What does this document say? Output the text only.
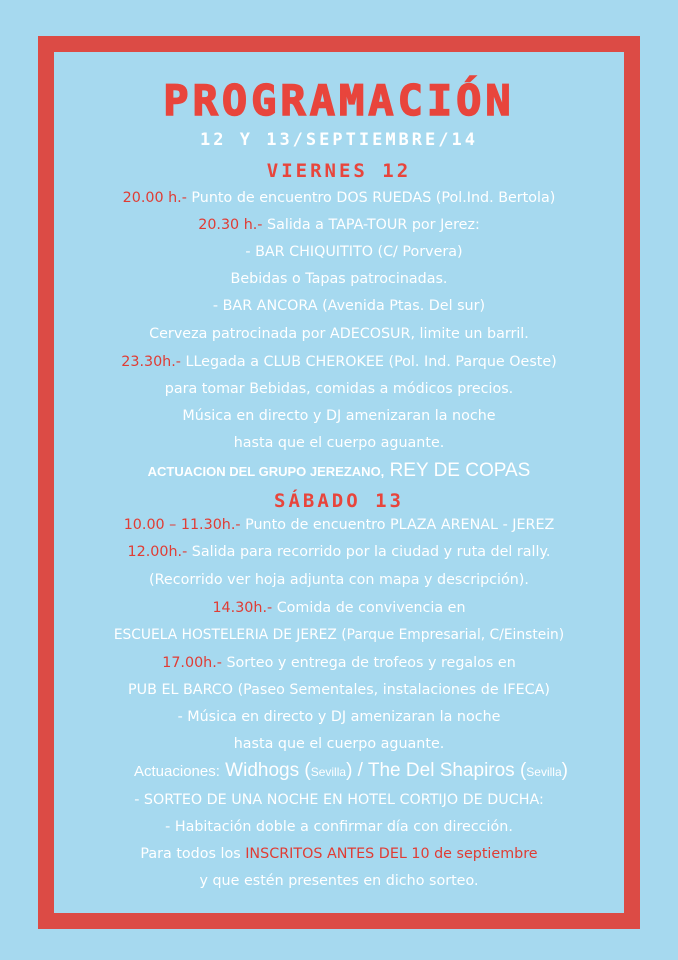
PROGRAMACIÓN
12 Y 13/SEPTIEMBRE/14
VIERNES 12
20.00 h.- Punto de encuentro DOS RUEDAS (Pol.Ind. Bertola)
20.30 h.- Salida a TAPA-TOUR por Jerez:
- BAR CHIQUITITO (C/ Porvera)
Bebidas o Tapas patrocinadas.
- BAR ANCORA (Avenida Ptas. Del sur)
Cerveza patrocinada por ADECOSUR, limite un barril.
23.30h.- LLegada a CLUB CHEROKEE (Pol. Ind. Parque Oeste)
para tomar Bebidas, comidas a módicos precios.
Música en directo y DJ amenizaran la noche
hasta que el cuerpo aguante.
ACTUACION DEL GRUPO JEREZANO, REY DE COPAS
SÁBADO 13
10.00 – 11.30h.- Punto de encuentro PLAZA ARENAL - JEREZ
12.00h.- Salida para recorrido por la ciudad y ruta del rally.
(Recorrido ver hoja adjunta con mapa y descripción).
14.30h.- Comida de convivencia en
ESCUELA HOSTELERIA DE JEREZ (Parque Empresarial, C/Einstein)
17.00h.- Sorteo y entrega de trofeos y regalos en
PUB EL BARCO (Paseo Sementales, instalaciones de IFECA)
- Música en directo y DJ amenizaran la noche
hasta que el cuerpo aguante.
Actuaciones: Widhogs (Sevilla) / The Del Shapiros (Sevilla)
- SORTEO DE UNA NOCHE EN HOTEL CORTIJO DE DUCHA:
- Habitación doble a confirmar día con dirección.
Para todos los INSCRITOS ANTES DEL 10 de septiembre
y que estén presentes en dicho sorteo.
